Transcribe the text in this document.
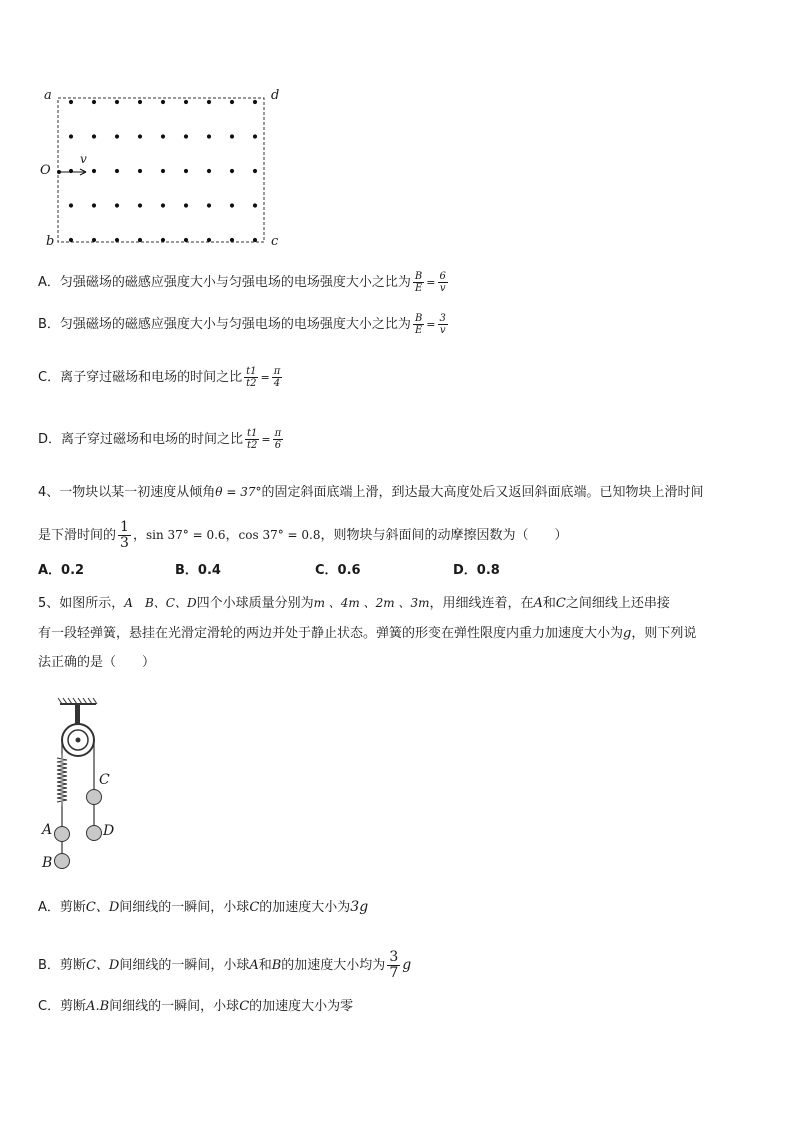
a	d
b	c
O
v
A．匀强磁场的磁感应强度大小与匀强电场的电场强度大小之比为 $\frac{B}{E} = \frac{6}{v}$
B．匀强磁场的磁感应强度大小与匀强电场的电场强度大小之比为 $\frac{B}{E} = \frac{3}{v}$
C．离子穿过磁场和电场的时间之比 $\frac{t1}{t2} = \frac{\pi}{4}$
D．离子穿过磁场和电场的时间之比 $\frac{t1}{t2} = \frac{\pi}{6}$
4、一物块以某一初速度从倾角θ = 37°的固定斜面底端上滑，到达最大高度处后又返回斜面底端。已知物块上滑时间
是下滑时间的 $\frac{1}{3}$ ，sin 37° = 0.6，cos 37° = 0.8，则物块与斜面间的动摩擦因数为（　　）
A．0.2	B．0.4	C．0.6	D．0.8
5、如图所示，A　B、C、D四个小球质量分别为m 、4m 、2m 、3m，用细线连着，在A和C之间细线上还串接
有一段轻弹簧，悬挂在光滑定滑轮的两边并处于静止状态。弹簧的形变在弹性限度内重力加速度大小为g，则下列说
法正确的是（　　）
C
A	D
B
A．剪断C、D间细线的一瞬间，小球C的加速度大小为3g
B．剪断C、D间细线的一瞬间，小球A和B的加速度大小均为 $\frac{3}{7}$ g
C．剪断A.B间细线的一瞬间，小球C的加速度大小为零
